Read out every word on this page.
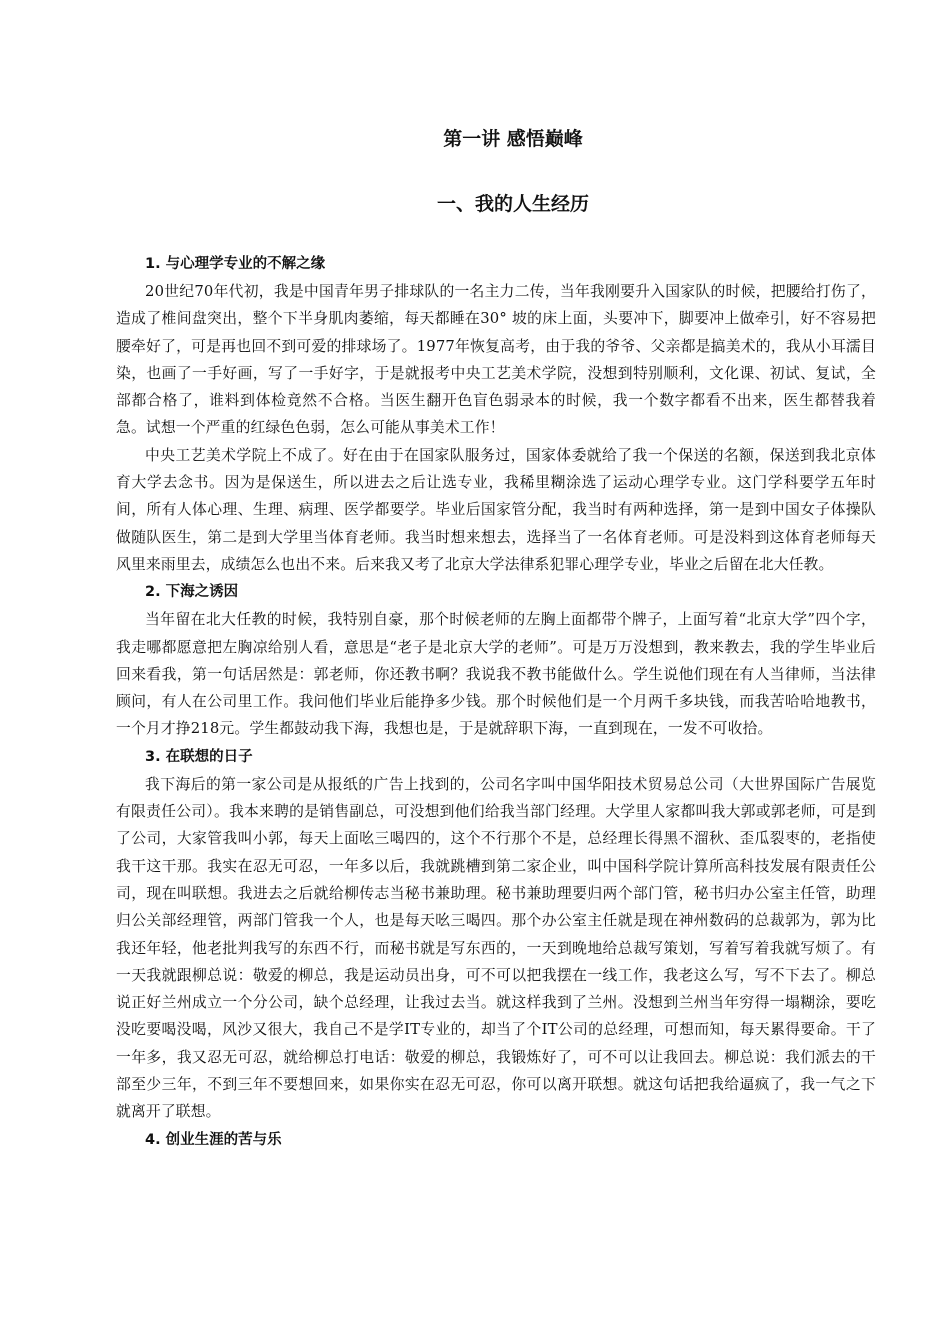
第一讲 感悟巅峰
一、我的人生经历
1. 与心理学专业的不解之缘

20世纪70年代初，我是中国青年男子排球队的一名主力二传，当年我刚要升入国家队的时候，把腰给打伤了，造成了椎间盘突出，整个下半身肌肉萎缩，每天都睡在30° 坡的床上面，头要冲下，脚要冲上做牵引，好不容易把腰牵好了，可是再也回不到可爱的排球场了。1977年恢复高考，由于我的爷爷、父亲都是搞美术的，我从小耳濡目染，也画了一手好画，写了一手好字，于是就报考中央工艺美术学院，没想到特别顺利，文化课、初试、复试，全部都合格了，谁料到体检竟然不合格。当医生翻开色盲色弱录本的时候，我一个数字都看不出来，医生都替我着急。试想一个严重的红绿色色弱，怎么可能从事美术工作！

中央工艺美术学院上不成了。好在由于在国家队服务过，国家体委就给了我一个保送的名额，保送到我北京体育大学去念书。因为是保送生，所以进去之后让选专业，我稀里糊涂选了运动心理学专业。这门学科要学五年时间，所有人体心理、生理、病理、医学都要学。毕业后国家管分配，我当时有两种选择，第一是到中国女子体操队做随队医生，第二是到大学里当体育老师。我当时想来想去，选择当了一名体育老师。可是没料到这体育老师每天风里来雨里去，成绩怎么也出不来。后来我又考了北京大学法律系犯罪心理学专业，毕业之后留在北大任教。

2. 下海之诱因

当年留在北大任教的时候，我特别自豪，那个时候老师的左胸上面都带个牌子，上面写着“北京大学”四个字，我走哪都愿意把左胸凉给别人看，意思是“老子是北京大学的老师”。可是万万没想到，教来教去，我的学生毕业后回来看我，第一句话居然是：郭老师，你还教书啊？我说我不教书能做什么。学生说他们现在有人当律师，当法律顾问，有人在公司里工作。我问他们毕业后能挣多少钱。那个时候他们是一个月两千多块钱，而我苦哈哈地教书，一个月才挣218元。学生都鼓动我下海，我想也是，于是就辞职下海，一直到现在，一发不可收拾。

3. 在联想的日子

我下海后的第一家公司是从报纸的广告上找到的，公司名字叫中国华阳技术贸易总公司（大世界国际广告展览有限责任公司）。我本来聘的是销售副总，可没想到他们给我当部门经理。大学里人家都叫我大郭或郭老师，可是到了公司，大家管我叫小郭，每天上面吆三喝四的，这个不行那个不是，总经理长得黑不溜秋、歪瓜裂枣的，老指使我干这干那。我实在忍无可忍，一年多以后，我就跳槽到第二家企业，叫中国科学院计算所高科技发展有限责任公司，现在叫联想。我进去之后就给柳传志当秘书兼助理。秘书兼助理要归两个部门管，秘书归办公室主任管，助理归公关部经理管，两部门管我一个人，也是每天吆三喝四。那个办公室主任就是现在神州数码的总裁郭为，郭为比我还年轻，他老批判我写的东西不行，而秘书就是写东西的，一天到晚地给总裁写策划，写着写着我就写烦了。有一天我就跟柳总说：敬爱的柳总，我是运动员出身，可不可以把我摆在一线工作，我老这么写，写不下去了。柳总说正好兰州成立一个分公司，缺个总经理，让我过去当。就这样我到了兰州。没想到兰州当年穷得一塌糊涂，要吃没吃要喝没喝，风沙又很大，我自己不是学IT专业的，却当了个IT公司的总经理，可想而知，每天累得要命。干了一年多，我又忍无可忍，就给柳总打电话：敬爱的柳总，我锻炼好了，可不可以让我回去。柳总说：我们派去的干部至少三年，不到三年不要想回来，如果你实在忍无可忍，你可以离开联想。就这句话把我给逼疯了，我一气之下就离开了联想。

4. 创业生涯的苦与乐
